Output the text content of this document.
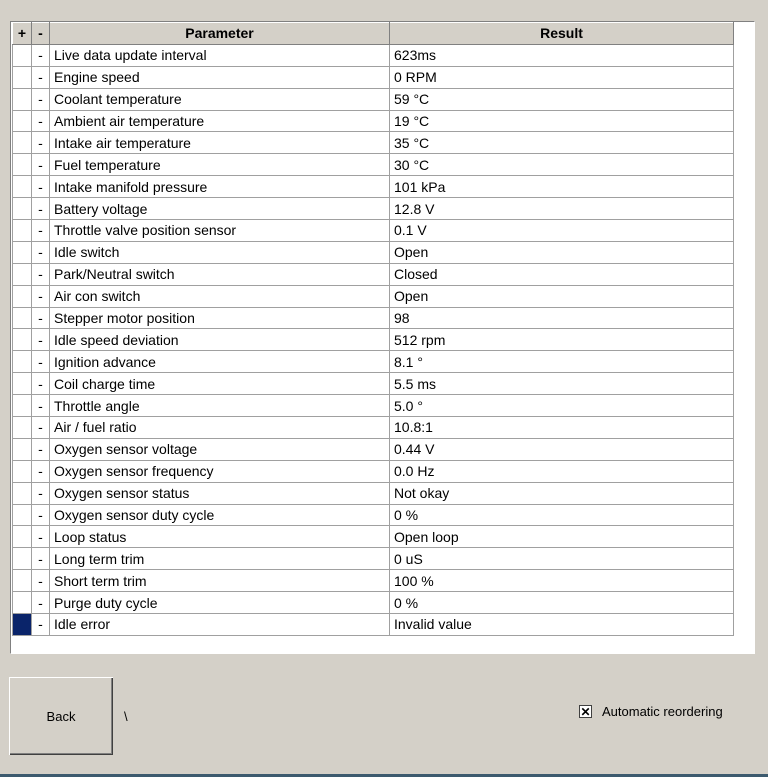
+	-	Parameter	Result
	-	Live data update interval	623ms
	-	Engine speed	0 RPM
	-	Coolant temperature	59 °C
	-	Ambient air temperature	19 °C
	-	Intake air temperature	35 °C
	-	Fuel temperature	30 °C
	-	Intake manifold pressure	101 kPa
	-	Battery voltage	12.8 V
	-	Throttle valve position sensor	0.1 V
	-	Idle switch	Open
	-	Park/Neutral switch	Closed
	-	Air con switch	Open
	-	Stepper motor position	98
	-	Idle speed deviation	512 rpm
	-	Ignition advance	8.1 °
	-	Coil charge time	5.5 ms
	-	Throttle angle	5.0 °
	-	Air / fuel ratio	10.8:1
	-	Oxygen sensor voltage	0.44 V
	-	Oxygen sensor frequency	0.0 Hz
	-	Oxygen sensor status	Not okay
	-	Oxygen sensor duty cycle	0 %
	-	Loop status	Open loop
	-	Long term trim	0 uS
	-	Short term trim	100 %
	-	Purge duty cycle	0 %
	-	Idle error	Invalid value
Back	\	✕ Automatic reordering
